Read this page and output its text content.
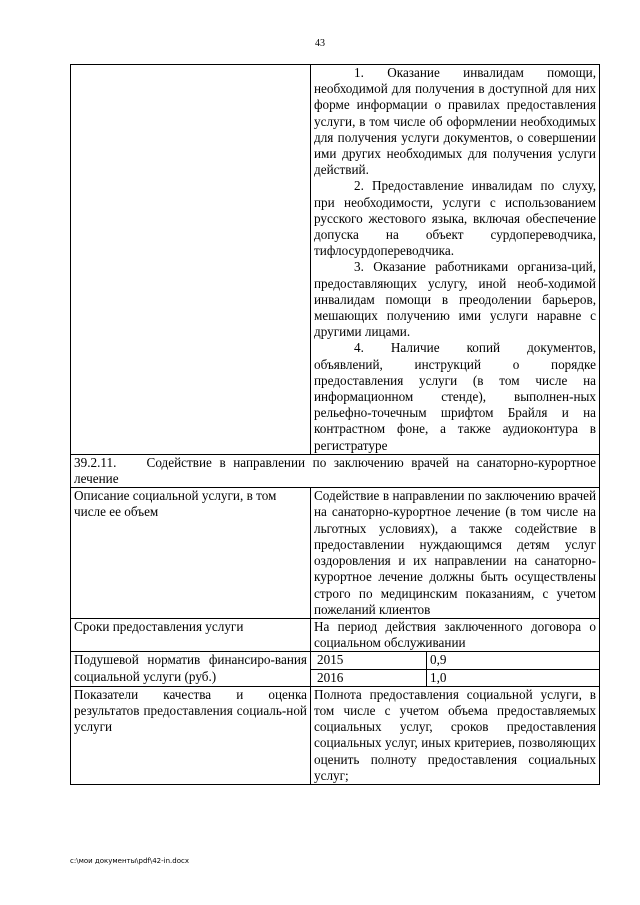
43

	1. Оказание инвалидам помощи, необходимой для получения в доступной для них форме информации о правилах предоставления услуги, в том числе об оформлении необходимых для получения услуги документов, о совершении ими других необходимых для получения услуги действий.

2. Предоставление инвалидам по слуху, при необходимости, услуги с использованием русского жестового языка, включая обеспечение допуска на объект сурдопереводчика, тифлосурдопереводчика.

3. Оказание работниками организа-ций, предоставляющих услугу, иной необ-ходимой инвалидам помощи в преодолении барьеров, мешающих получению ими услуги наравне с другими лицами.

4. Наличие копий документов, объявлений, инструкций о порядке предоставления услуги (в том числе на информационном стенде), выполнен-ных рельефно-точечным шрифтом Брайля и на контрастном фоне, а также аудиоконтура в регистратуре

39.2.11.    Содействие в направлении по заключению врачей на санаторно-курортное лечение	
Описание социальной услуги, в том числе ее объем	Содействие в направлении по заключению врачей на санаторно-курортное лечение (в том числе на льготных условиях), а также содействие в предоставлении нуждающимся детям услуг оздоровления и их направлении на санаторно-курортное лечение должны быть осуществлены строго по медицинским показаниям, с учетом пожеланий клиентов
Сроки предоставления услуги	На период действия заключенного договора о социальном обслуживании
Подушевой норматив финансиро-вания социальной услуги (руб.)	2015 0,9

	2016 1,0

Показатели качества и оценка результатов предоставления социаль-ной услуги	Полнота предоставления социальной услуги, в том числе с учетом объема предоставляемых социальных услуг, сроков предоставления социальных услуг, иных критериев, позволяющих оценить полноту предоставления социальных услуг;
c:\мои документы\pdf\42-in.docx
